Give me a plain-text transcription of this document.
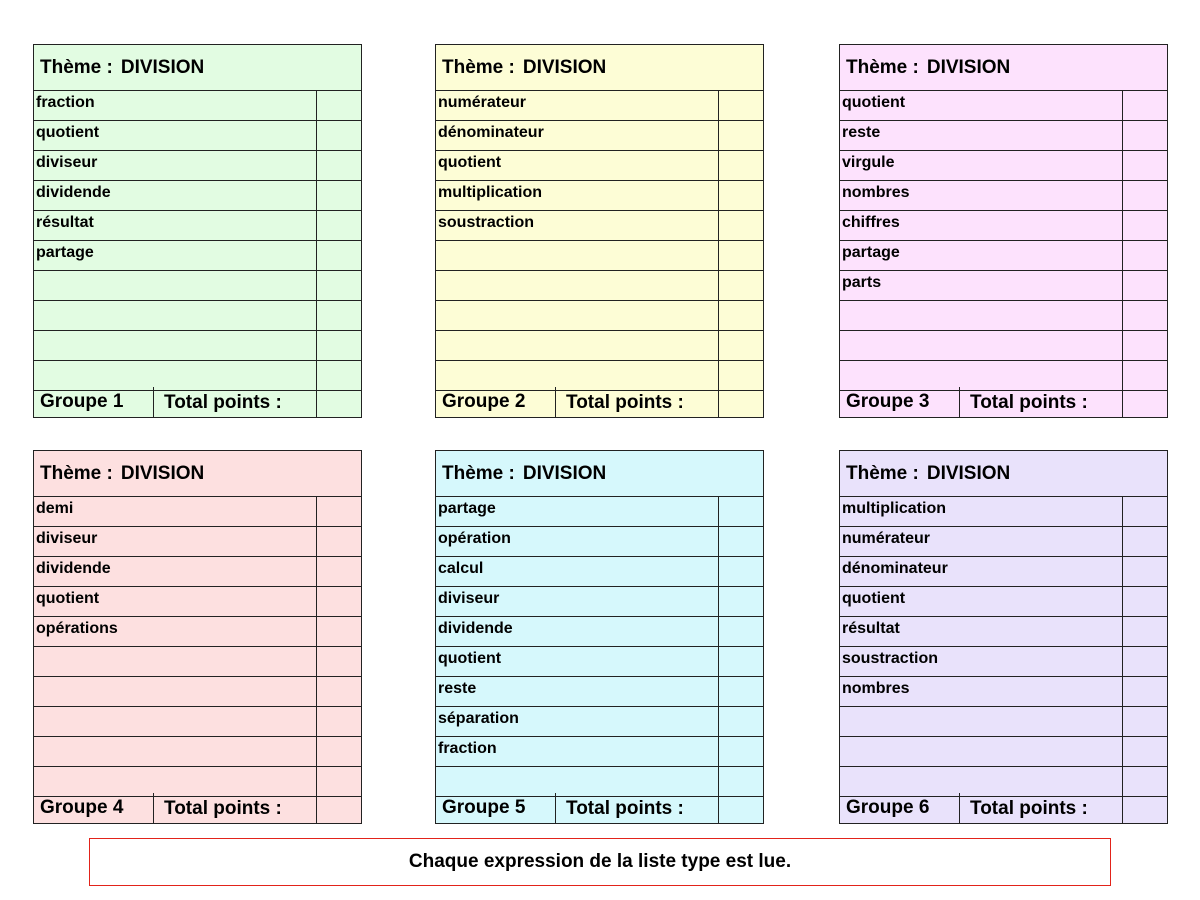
Thème : DIVISION
fraction
quotient
diviseur
dividende
résultat
partage
Groupe 1	Total points :
Thème : DIVISION
numérateur
dénominateur
quotient
multiplication
soustraction
Groupe 2	Total points :
Thème : DIVISION
quotient
reste
virgule
nombres
chiffres
partage
parts
Groupe 3	Total points :
Thème : DIVISION
demi
diviseur
dividende
quotient
opérations
Groupe 4	Total points :
Thème : DIVISION
partage
opération
calcul
diviseur
dividende
quotient
reste
séparation
fraction
Groupe 5	Total points :
Thème : DIVISION
multiplication
numérateur
dénominateur
quotient
résultat
soustraction
nombres
Groupe 6	Total points :
Chaque expression de la liste type est lue.
